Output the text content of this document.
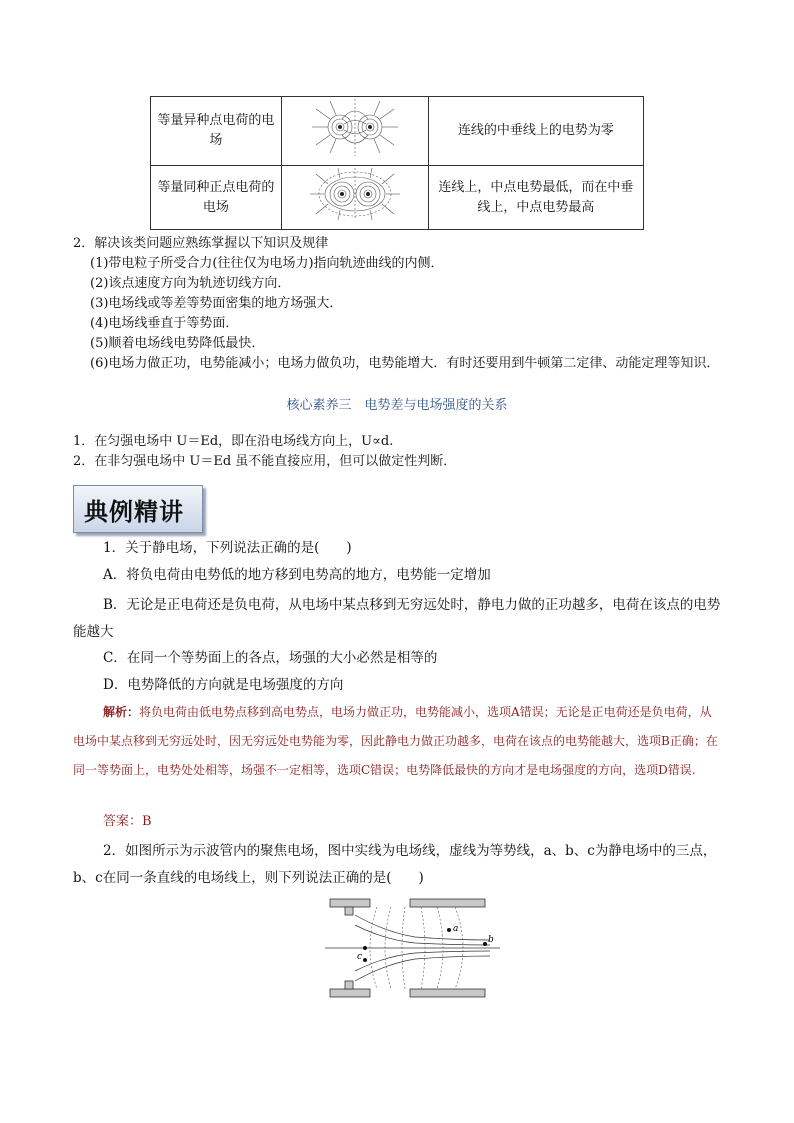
等量异种点电荷的电场		连线的中垂线上的电势为零
等量同种正点电荷的电场		连线上，中点电势最低，而在中垂线上，中点电势最高
2．解决该类问题应熟练掌握以下知识及规律
(1)带电粒子所受合力(往往仅为电场力)指向轨迹曲线的内侧．
(2)该点速度方向为轨迹切线方向．
(3)电场线或等差等势面密集的地方场强大．
(4)电场线垂直于等势面．
(5)顺着电场线电势降低最快．
(6)电场力做正功，电势能减小；电场力做负功，电势能增大．有时还要用到牛顿第二定律、动能定理等知识．
核心素养三　电势差与电场强度的关系
1．在匀强电场中 U＝Ed，即在沿电场线方向上，U∝d.
2．在非匀强电场中 U＝Ed 虽不能直接应用，但可以做定性判断．
典例精讲
1．关于静电场，下列说法正确的是(　　)
A．将负电荷由电势低的地方移到电势高的地方，电势能一定增加
B．无论是正电荷还是负电荷，从电场中某点移到无穷远处时，静电力做的正功越多，电荷在该点的电势能越大
C．在同一个等势面上的各点，场强的大小必然是相等的
D．电势降低的方向就是电场强度的方向
解析：将负电荷由低电势点移到高电势点，电场力做正功，电势能减小，选项A错误；无论是正电荷还是负电荷，从电场中某点移到无穷远处时，因无穷远处电势能为零，因此静电力做正功越多，电荷在该点的电势能越大，选项B正确；在同一等势面上，电势处处相等，场强不一定相等，选项C错误；电势降低最快的方向才是电场强度的方向，选项D错误.
答案：B
2．如图所示为示波管内的聚焦电场，图中实线为电场线，虚线为等势线，a、b、c为静电场中的三点，b、c在同一条直线的电场线上，则下列说法正确的是(　　)
a
b
c
